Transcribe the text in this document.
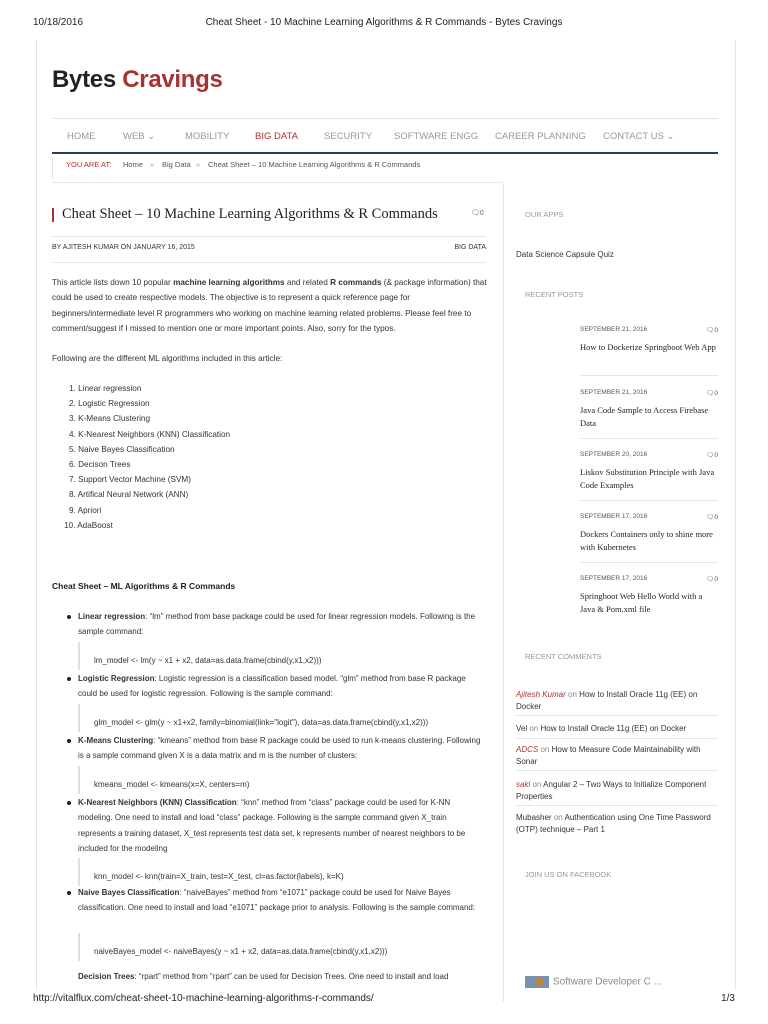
10/18/2016	Cheat Sheet - 10 Machine Learning Algorithms & R Commands - Bytes Cravings
Bytes Cravings
HOME	WEB ⌄	MOBILITY	BIG DATA	SECURITY SOFTWARE ENGG CAREER PLANNING CONTACT US ⌄
YOU ARE AT: Home » Big Data » Cheat Sheet – 10 Machine Learning Algorithms & R Commands
Cheat Sheet – 10 Machine Learning Algorithms & R Commands	🗨0
BY AJITESH KUMAR ON JANUARY 16, 2015	BIG DATA
This article lists down 10 popular machine learning algorithms and related R commands (& package information) that could be used to create respective models. The objective is to represent a quick reference page for beginners/intermediate level R programmers who working on machine learning related problems. Please feel free to comment/suggest if I missed to mention one or more important points. Also, sorry for the typos.
Following are the different ML algorithms included in this article:
1. Linear regression
2. Logistic Regression
3. K-Means Clustering
4. K-Nearest Neighbors (KNN) Classification
5. Naive Bayes Classification
6. Decison Trees
7. Support Vector Machine (SVM)
8. Artifical Neural Network (ANN)
9. Apriori
10. AdaBoost
Cheat Sheet – ML Algorithms & R Commands
Linear regression: “lm” method from base package could be used for linear regression models. Following is the sample command:
lm_model <- lm(y ~ x1 + x2, data=as.data.frame(cbind(y,x1,x2)))
Logistic Regression: Logistic regression is a classification based model. “glm” method from base R package could be used for logistic regression. Following is the sample command:
glm_model <- glm(y ~ x1+x2, family=binomial(link="logit"), data=as.data.frame(cbind(y,x1,x2)))
K-Means Clustering: “kmeans” method from base R package could be used to run k-means clustering. Following is a sample command given X is a data matrix and m is the number of clusters:
kmeans_model <- kmeans(x=X, centers=m)
K-Nearest Neighbors (KNN) Classification: “knn” method from “class” package could be used for K-NN modeling. One need to install and load “class” package. Following is the sample command given X_train represents a training dataset, X_test represents test data set, k represents number of nearest neighbors to be included for the modeling
knn_model <- knn(train=X_train, test=X_test, cl=as.factor(labels), k=K)
Naive Bayes Classification: “naiveBayes” method from “e1071” package could be used for Naive Bayes classification. One need to install and load “e1071” package prior to analysis. Following is the sample command:
naiveBayes_model <- naiveBayes(y ~ x1 + x2, data=as.data.frame(cbind(y,x1,x2)))
Decision Trees: “rpart” method from “rpart” can be used for Decision Trees. One need to install and load
OUR APPS
Data Science Capsule Quiz
RECENT POSTS
SEPTEMBER 21, 2016	🗨0
How to Dockerize Springboot Web App
SEPTEMBER 21, 2016	🗨0
Java Code Sample to Access Firebase Data
SEPTEMBER 20, 2016	🗨0
Liskov Substitution Principle with Java Code Examples
SEPTEMBER 17, 2016	🗨0
Dockers Containers only to shine more with Kubernetes
SEPTEMBER 17, 2016	🗨0
Springboot Web Hello World with a Java & Pom.xml file
RECENT COMMENTS
Ajitesh Kumar on How to Install Oracle 11g (EE) on Docker
Vel on How to Install Oracle 11g (EE) on Docker
ADCS on How to Measure Code Maintainability with Sonar
saki on Angular 2 – Two Ways to Initialize Component Properties
Mubasher on Authentication using One Time Password (OTP) technique – Part 1
JOIN US ON FACEBOOK
Software Developer C ...
http://vitalflux.com/cheat-sheet-10-machine-learning-algorithms-r-commands/	1/3
